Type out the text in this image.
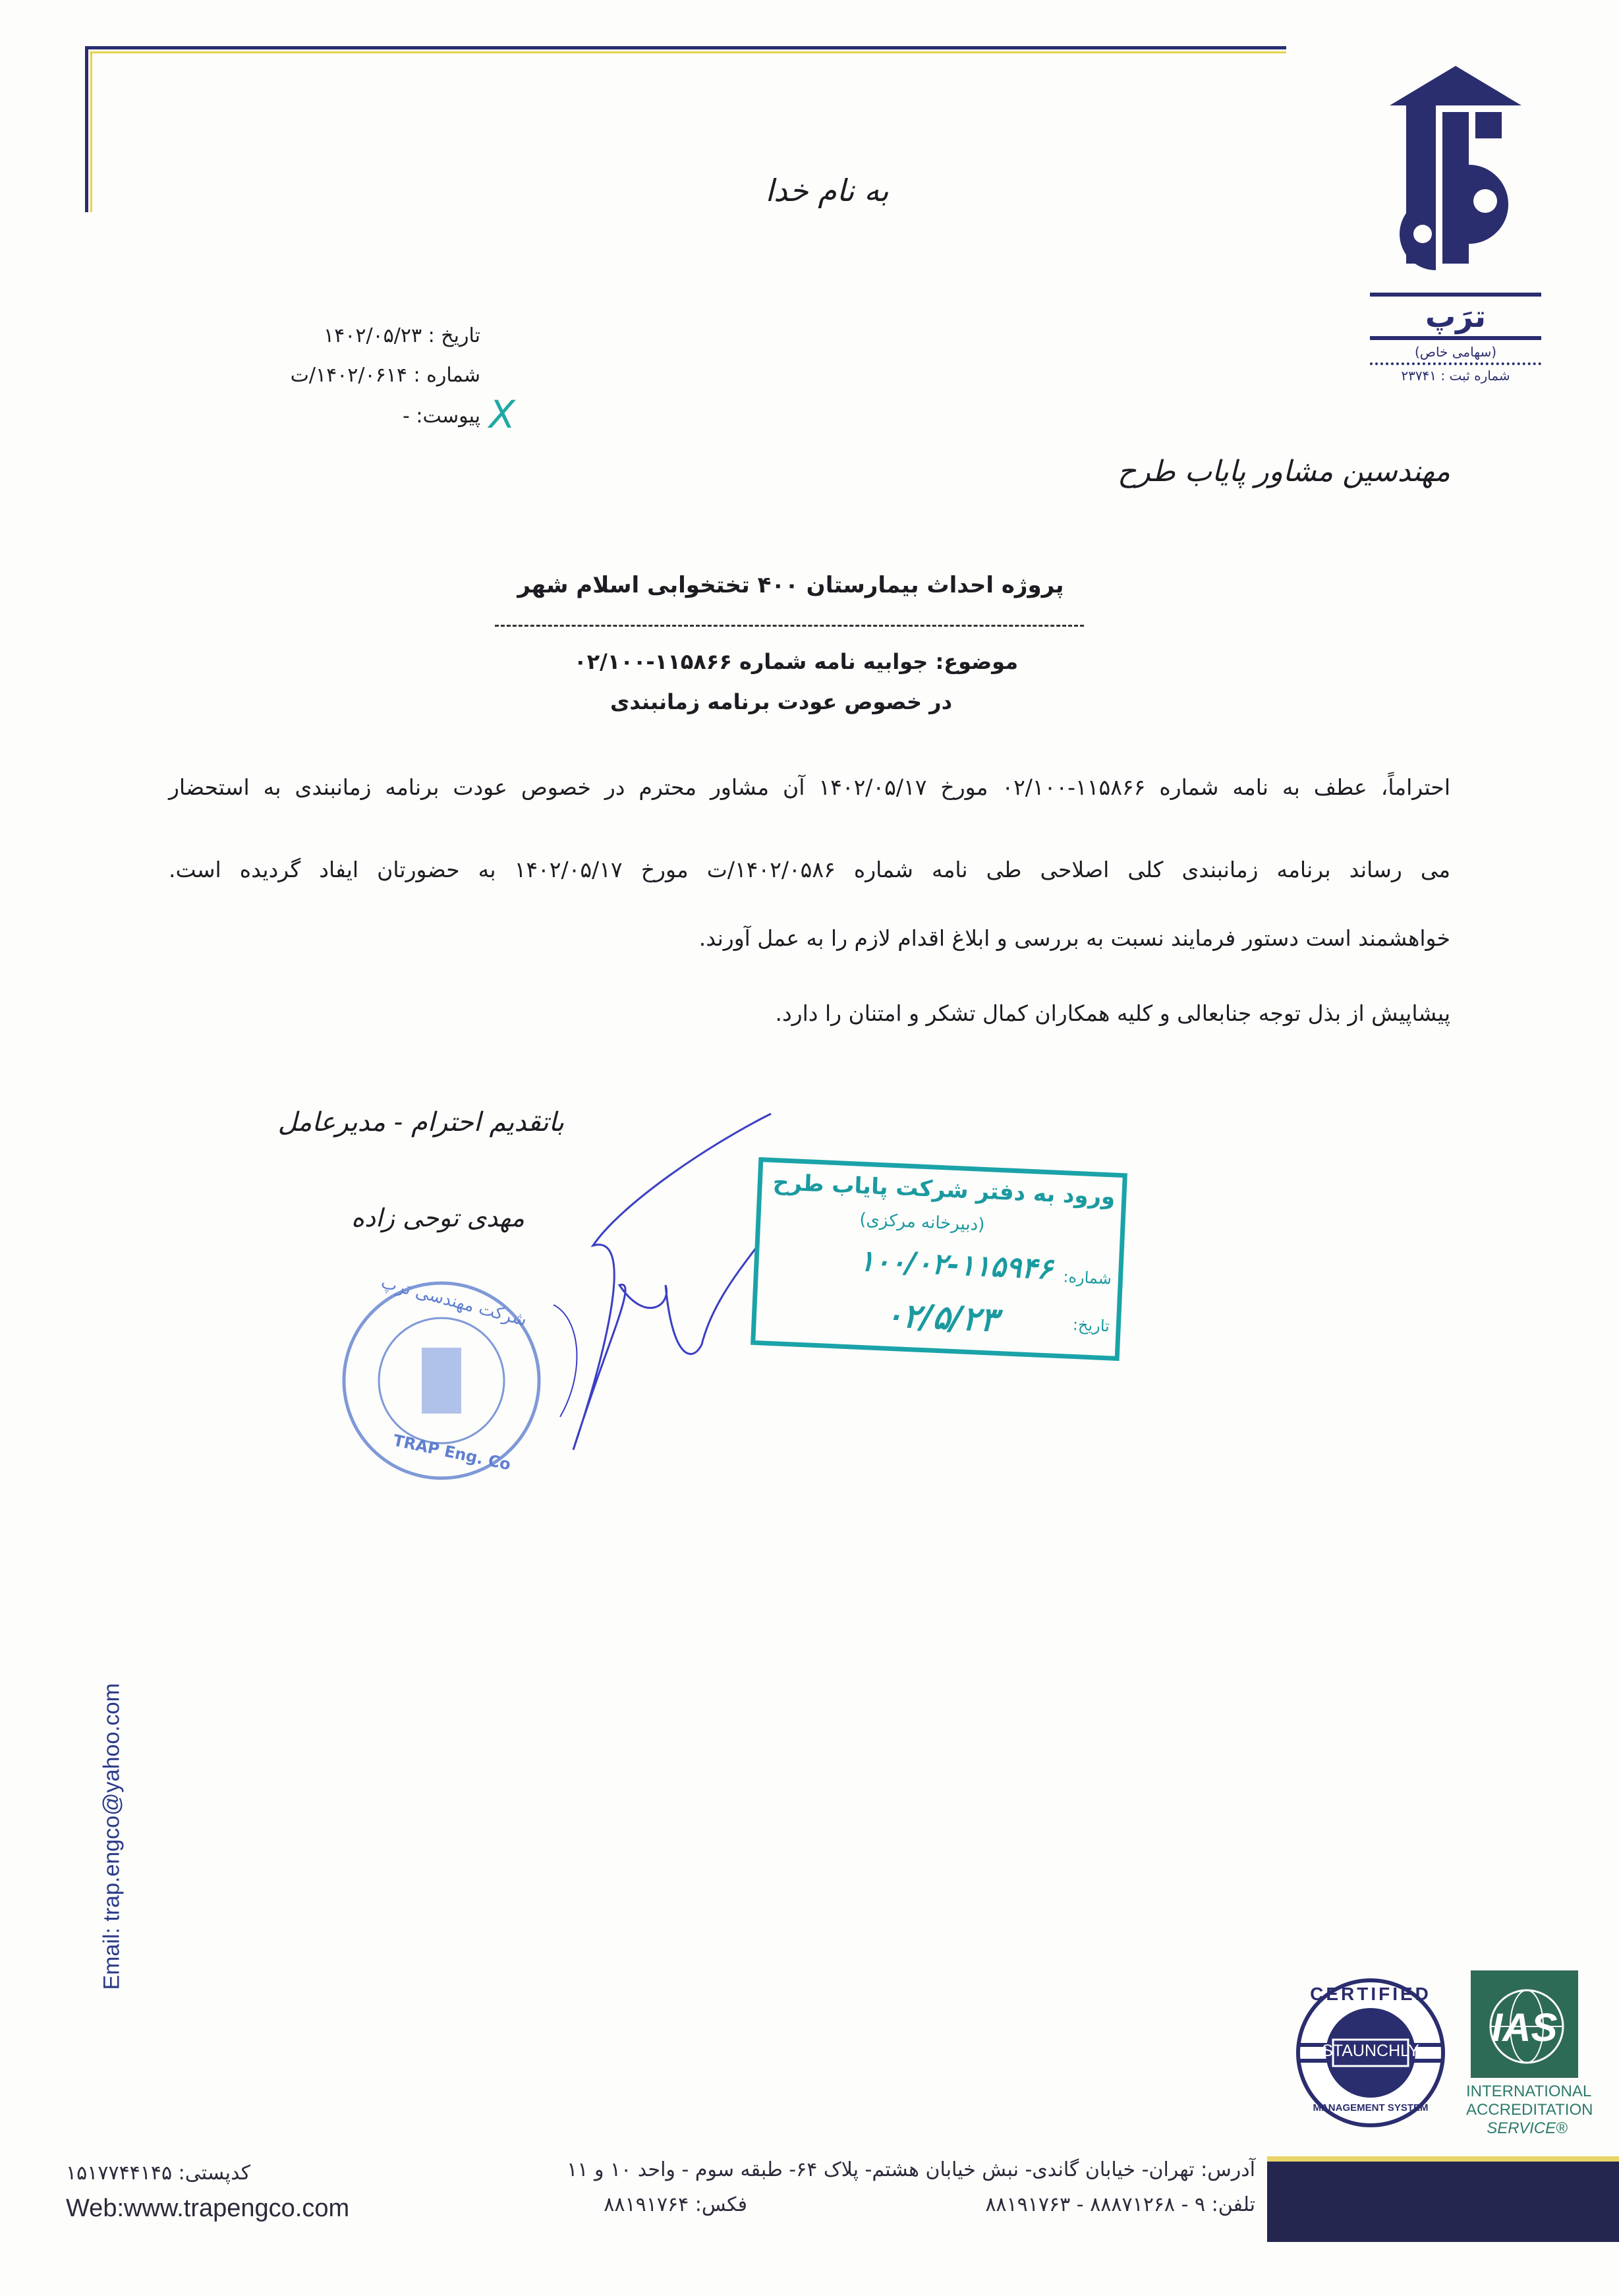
به نام خدا
ترَپ
(سهامی خاص)
شماره ثبت : ۲۳۷۴۱
تاریخ : ۱۴۰۲/۰۵/۲۳
شماره : ۱۴۰۲/۰۶۱۴/ت
پیوست: - X
مهندسین مشاور پایاب طرح
پروژه احداث بیمارستان ۴۰۰ تختخوابی اسلام شهر
موضوع: جوابیه نامه شماره ۱۱۵۸۶۶-۰۲/۱۰۰
در خصوص عودت برنامه زمانبندی
احتراماً، عطف به نامه شماره ۱۱۵۸۶۶-۰۲/۱۰۰ مورخ ۱۴۰۲/۰۵/۱۷ آن مشاور محترم در خصوص عودت برنامه زمانبندی به استحضار
می رساند برنامه زمانبندی کلی اصلاحی طی نامه شماره ۱۴۰۲/۰۵۸۶/ت مورخ ۱۴۰۲/۰۵/۱۷ به حضورتان ایفاد گردیده است.
خواهشمند است دستور فرمایند نسبت به بررسی و ابلاغ اقدام لازم را به عمل آورند.
پیشاپیش از بذل توجه جنابعالی و کلیه همکاران کمال تشکر و امتنان را دارد.
باتقدیم احترام - مدیرعامل
مهدی توحی زاده
شرکت مهندسی ترپ
TRAP Eng. Co
ورود به دفتر شرکت پایاب طرح
(دبیرخانه مرکزی)
شماره:
۱۰۰/۰۲-۱۱۵۹۴۶
تاریخ:
۰۲/۵/۲۳
Email: trap.engco@yahoo.com
CERTIFIED
STAUNCHLY
MANAGEMENT SYSTEM
IAS
INTERNATIONAL
ACCREDITATION
SERVICE®
آدرس: تهران- خیابان گاندی- نبش خیابان هشتم- پلاک ۶۴- طبقه سوم - واحد ۱۰ و ۱۱
تلفن: ۹ - ۸۸۸۷۱۲۶۸ - ۸۸۱۹۱۷۶۳
فکس: ۸۸۱۹۱۷۶۴
کدپستی: ۱۵۱۷۷۴۴۱۴۵
Web:www.trapengco.com
